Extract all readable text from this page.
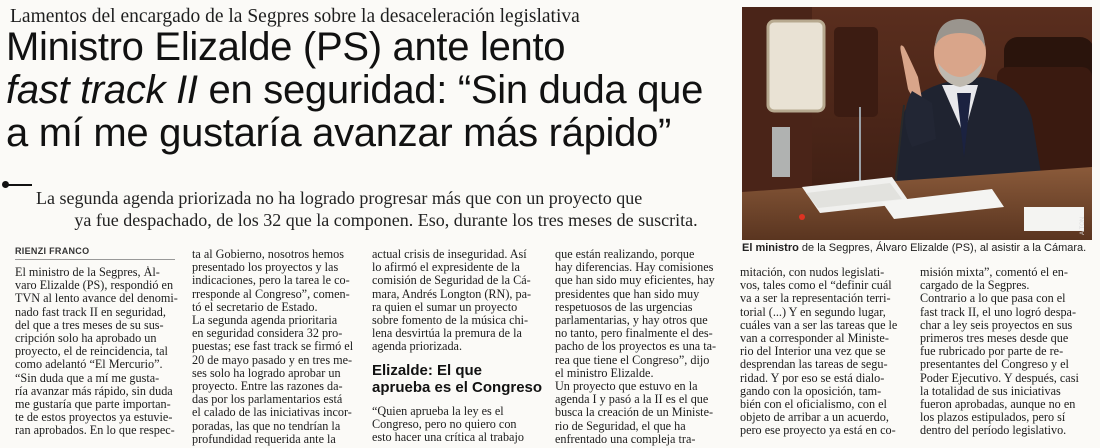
Lamentos del encargado de la Segpres sobre la desaceleración legislativa
Ministro Elizalde (PS) ante lento
fast track II en seguridad: “Sin duda que
a mí me gustaría avanzar más rápido”
La segunda agenda priorizada no ha logrado progresar más que con un proyecto que
ya fue despachado, de los 32 que la componen. Eso, durante los tres meses de suscrita.	A.TON
El ministro de la Segpres, Álvaro Elizalde (PS), al asistir a la Cámara.
RIENZI FRANCO
El ministro de la Segpres, Ál-
varo Elizalde (PS), respondió en
TVN al lento avance del denomi-
nado fast track II en seguridad,
del que a tres meses de su sus-
cripción solo ha aprobado un
proyecto, el de reincidencia, tal
como adelantó “El Mercurio”.
“Sin duda que a mí me gusta-
ría avanzar más rápido, sin duda
me gustaría que parte importan-
te de estos proyectos ya estuvie-
ran aprobados. En lo que respec-
ta al Gobierno, nosotros hemos
presentado los proyectos y las
indicaciones, pero la tarea le co-
rresponde al Congreso”, comen-
tó el secretario de Estado.
La segunda agenda prioritaria
en seguridad considera 32 pro-
puestas; ese fast track se firmó el
20 de mayo pasado y en tres me-
ses solo ha logrado aprobar un
proyecto. Entre las razones da-
das por los parlamentarios está
el calado de las iniciativas incor-
poradas, las que no tendrían la
profundidad requerida ante la
actual crisis de inseguridad. Así
lo afirmó el expresidente de la
comisión de Seguridad de la Cá-
mara, Andrés Longton (RN), pa-
ra quien el sumar un proyecto
sobre fomento de la música chi-
lena desvirtúa la premura de la
agenda priorizada.
Elizalde: El que
aprueba es el Congreso
“Quien aprueba la ley es el
Congreso, pero no quiero con
esto hacer una crítica al trabajo
que están realizando, porque
hay diferencias. Hay comisiones
que han sido muy eficientes, hay
presidentes que han sido muy
respetuosos de las urgencias
parlamentarias, y hay otros que
no tanto, pero finalmente el des-
pacho de los proyectos es una ta-
rea que tiene el Congreso”, dijo
el ministro Elizalde.
Un proyecto que estuvo en la
agenda I y pasó a la II es el que
busca la creación de un Ministe-
rio de Seguridad, el que ha
enfrentado una compleja tra-
mitación, con nudos legislati-
vos, tales como el “definir cuál
va a ser la representación terri-
torial (...) Y en segundo lugar,
cuáles van a ser las tareas que le
van a corresponder al Ministe-
rio del Interior una vez que se
desprendan las tareas de segu-
ridad. Y por eso se está dialo-
gando con la oposición, tam-
bién con el oficialismo, con el
objeto de arribar a un acuerdo,
pero ese proyecto ya está en co-
misión mixta”, comentó el en-
cargado de la Segpres.
Contrario a lo que pasa con el
fast track II, el uno logró despa-
char a ley seis proyectos en sus
primeros tres meses desde que
fue rubricado por parte de re-
presentantes del Congreso y el
Poder Ejecutivo. Y después, casi
la totalidad de sus iniciativas
fueron aprobadas, aunque no en
los plazos estipulados, pero sí
dentro del período legislativo.
